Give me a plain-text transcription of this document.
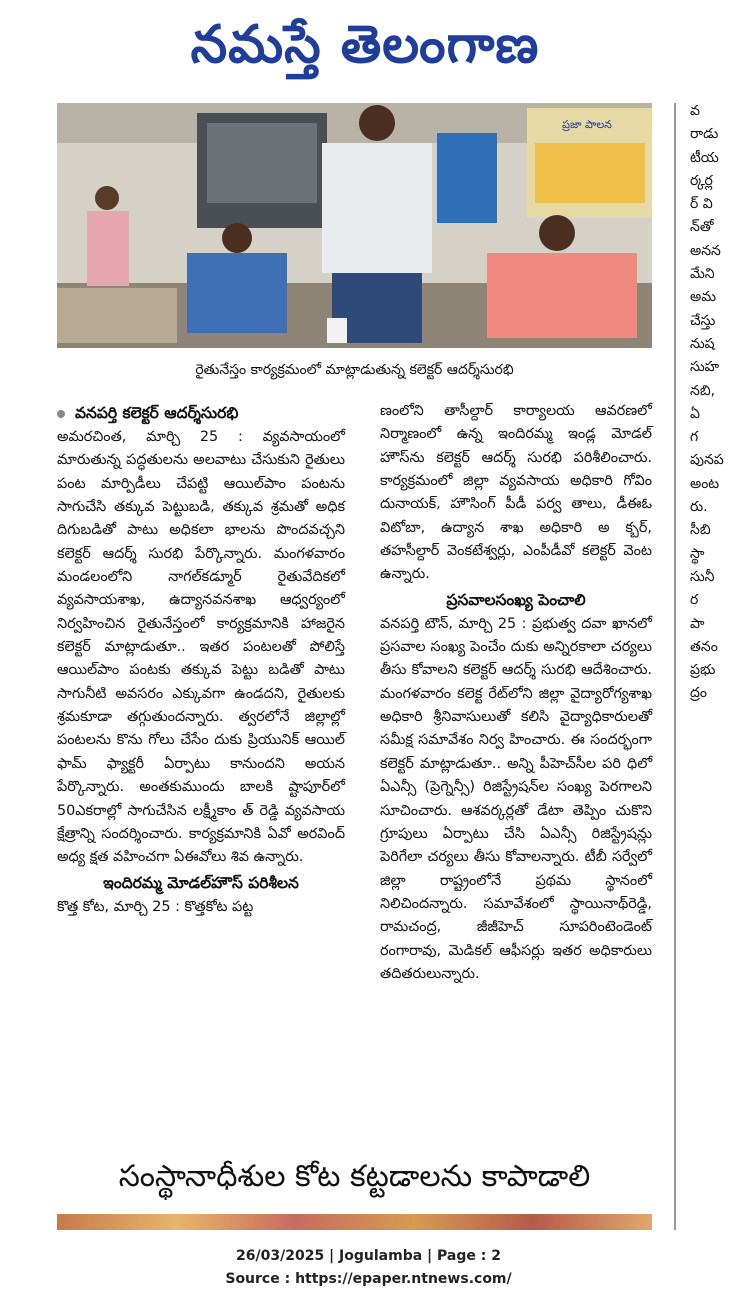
నమస్తే తెలంగాణ
ప్రజా పాలన
రైతునేస్తం కార్యక్రమంలో మాట్లాడుతున్న కలెక్టర్ ఆదర్శ్‌సురభి

వనపర్తి కలెక్టర్ ఆదర్శ్‌సురభి

అమరచింత, మార్చి 25 : వ్యవసాయంలో మారుతున్న పద్ధతులను అలవాటు చేసుకుని రైతులు పంట మార్పిడీలు చేపట్టి ఆయిల్‌పాం పంటను సాగుచేసి తక్కువ పెట్టుబడి, తక్కువ శ్రమతో అధిక దిగుబడితో పాటు అధికలా భాలను పొందవచ్చని కలెక్టర్ ఆదర్శ్ సురభి పేర్కొన్నారు. మంగళవారం మండలంలోని నాగల్‌కడ్మూర్ రైతువేదికలో వ్యవసాయశాఖ, ఉద్యానవనశాఖ ఆధ్వర్యంలో నిర్వహించిన రైతునేస్తంలో కార్యక్రమానికి హాజరైన కలెక్టర్ మాట్లాడుతూ.. ఇతర పంటలతో పోలిస్తే ఆయిల్‌పాం పంటకు తక్కువ పెట్టు బడితో పాటు సాగునీటి అవసరం ఎక్కువగా ఉండదని, రైతులకు శ్రమకూడా తగ్గుతుందన్నారు. త్వరలోనే జిల్లాల్లో పంటలను కొను గోలు చేసేం దుకు ప్రియునిక్ ఆయిల్ ఫామ్ ఫ్యాక్టరీ ఏర్పాటు కానుందని అయన పేర్కొన్నారు. అంతకుముందు బాలకి ష్టాపూర్‌లో 50ఎకరాల్లో సాగుచేసిన లక్ష్మీకాం త్ రెడ్డి వ్యవసాయ క్షేత్రాన్ని సందర్శించారు. కార్యక్రమానికి ఏవో అరవింద్ అధ్య క్షత వహించగా ఏఈవోలు శివ ఉన్నారు.

ఇందిరమ్మ మోడల్‌హౌస్ పరిశీలన

కొత్త కోట, మార్చి 25 : కొత్తకోట పట్ట

ణంలోని తాసీల్దార్ కార్యాలయ ఆవరణలో నిర్మాణంలో ఉన్న ఇందిరమ్మ ఇండ్ల మోడల్ హౌస్‌ను కలెక్టర్ ఆదర్శ్ సురభి పరిశీలించారు. కార్యక్రమంలో జిల్లా వ్యవసాయ అధికారి గోవిం దునాయక్, హౌసింగ్ పీడీ పర్వ తాలు, డీఈఓ విటోబా, ఉద్యాన శాఖ అధికారి అ క్బర్, తహసీల్దార్ వెంకటేశ్వర్లు, ఎంపీడీవో కలెక్టర్ వెంట ఉన్నారు.

ప్రసవాలసంఖ్య పెంచాలి

వనపర్తి టౌన్, మార్చి 25 : ప్రభుత్వ దవా ఖానలో ప్రసవాల సంఖ్య పెంచేం దుకు అన్నిరకాలా చర్యలు తీసు కోవాలని కలెక్టర్ ఆదర్శ్ సురభి ఆదేశించారు. మంగళవారం కలెక్ట రేట్‌లోని జిల్లా వైద్యారోగ్యశాఖ అధికారి శ్రీనివాసులుతో కలిసి వైద్యాధికారులతో సమీక్ష సమావేశం నిర్వ హించారు. ఈ సందర్భంగా కలెక్టర్ మాట్లాడుతూ.. అన్ని పీహెచ్‌సీల పరి ధిలో ఏఎన్సీ (ప్రెగ్నెన్సీ) రిజిస్ట్రేషన్‌ల సంఖ్య పెరగాలని సూచించారు. ఆశవర్కర్లతో డేటా తెప్పిం చుకొని గ్రూపులు ఏర్పాటు చేసి ఏఎన్సీ రిజిస్ట్రేషన్లు పెరిగేలా చర్యలు తీసు కోవాలన్నారు. టీబీ సర్వేలో జిల్లా రాష్ట్రంలోనే ప్రథమ స్థానంలో నిలిచిందన్నారు. సమావేశంలో స్థాయినాథ్‌రెడ్డి, రామచంద్ర, జీజీహెచ్ సూపరింటెండెంట్ రంగారావు, మెడికల్ ఆఫీసర్లు ఇతర అధికారులు తదితరులున్నారు.

సంస్థానాధీశుల కోట కట్టడాలను కాపాడాలి
వ
రాడు
టీయ
ర్కర్ల
ర్ వి
న్‌తో
అనన
మేని
అమ
చేస్తు
నుష
సుహ
నబి,
ఏ
గ
పునప
అంట
రు.
సీబి
స్థా
సునీ
ర
పా
తనం
ప్రభు
ద్రం
26/03/2025 | Jogulamba | Page : 2
Source : https://epaper.ntnews.com/
